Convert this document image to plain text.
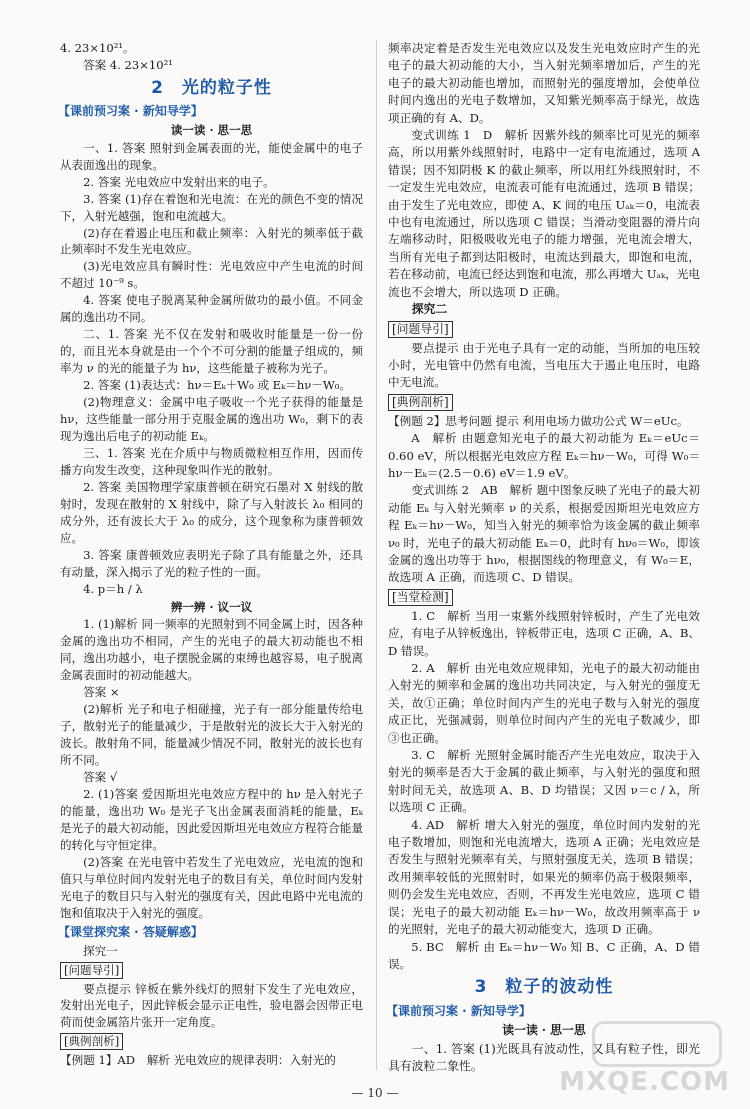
4. 23×10²¹。

答案 4. 23×10²¹

2　光的粒子性

【课前预习案 · 新知导学】

读一读 · 思一思

一、1. 答案 照射到金属表面的光，能使金属中的电子从表面逸出的现象。

2. 答案 光电效应中发射出来的电子。

3. 答案 (1)存在着饱和光电流：在光的颜色不变的情况下，入射光越强，饱和电流越大。

(2)存在着遏止电压和截止频率：入射光的频率低于截止频率时不发生光电效应。

(3)光电效应具有瞬时性：光电效应中产生电流的时间不超过 10⁻⁹ s。

4. 答案 使电子脱离某种金属所做功的最小值。不同金属的逸出功不同。

二、1. 答案 光不仅在发射和吸收时能量是一份一份的，而且光本身就是由一个个不可分割的能量子组成的，频率为 ν 的光的能量子为 hν，这些能量子被称为光子。

2. 答案 (1)表达式：hν＝Eₖ＋W₀ 或 Eₖ＝hν－W₀。

(2)物理意义：金属中电子吸收一个光子获得的能量是 hν，这些能量一部分用于克服金属的逸出功 W₀，剩下的表现为逸出后电子的初动能 Eₖ。

三、1. 答案 光在介质中与物质微粒相互作用，因而传播方向发生改变，这种现象叫作光的散射。

2. 答案 美国物理学家康普顿在研究石墨对 X 射线的散射时，发现在散射的 X 射线中，除了与入射波长 λ₀ 相同的成分外，还有波长大于 λ₀ 的成分，这个现象称为康普顿效应。

3. 答案 康普顿效应表明光子除了具有能量之外，还具有动量，深入揭示了光的粒子性的一面。

4. p＝h / λ

辨一辨 · 议一议

1. (1)解析 同一频率的光照射到不同金属上时，因各种金属的逸出功不相同，产生的光电子的最大初动能也不相同，逸出功越小，电子摆脱金属的束缚也越容易，电子脱离金属表面时的初动能越大。

答案 ×

(2)解析 光子和电子相碰撞，光子有一部分能量传给电子，散射光子的能量减少，于是散射光的波长大于入射光的波长。散射角不同，能量减少情况不同，散射光的波长也有所不同。

答案 √

2. (1)答案 爱因斯坦光电效应方程中的 hν 是入射光子的能量，逸出功 W₀ 是光子飞出金属表面消耗的能量，Eₖ 是光子的最大初动能，因此爱因斯坦光电效应方程符合能量的转化与守恒定律。

(2)答案 在光电管中若发生了光电效应，光电流的饱和值只与单位时间内发射光电子的数目有关，单位时间内发射光电子的数目只与入射光的强度有关，因此电路中光电流的饱和值取决于入射光的强度。

【课堂探究案 · 答疑解惑】

探究一

[问题导引]

要点提示 锌板在紫外线灯的照射下发生了光电效应，发射出光电子，因此锌板会显示正电性，验电器会因带正电荷而使金属箔片张开一定角度。

[典例剖析]

【例题 1】AD　解析 光电效应的规律表明：入射光的

频率决定着是否发生光电效应以及发生光电效应时产生的光电子的最大初动能的大小，当入射光频率增加后，产生的光电子的最大初动能也增加，而照射光的强度增加，会使单位时间内逸出的光电子数增加，又知紫光频率高于绿光，故选项正确的有 A、D。

变式训练 1　D　解析 因紫外线的频率比可见光的频率高，所以用紫外线照射时，电路中一定有电流通过，选项 A 错误；因不知阴极 K 的截止频率，所以用红外线照射时，不一定发生光电效应，电流表可能有电流通过，选项 B 错误；由于发生了光电效应，即使 A、K 间的电压 Uₐₖ＝0，电流表中也有电流通过，所以选项 C 错误；当滑动变阻器的滑片向左端移动时，阳极吸收光电子的能力增强，光电流会增大，当所有光电子都到达阳极时，电流达到最大，即饱和电流，若在移动前，电流已经达到饱和电流，那么再增大 Uₐₖ，光电流也不会增大，所以选项 D 正确。

探究二

[问题导引]

要点提示 由于光电子具有一定的动能，当所加的电压较小时，光电管中仍然有电流，当电压大于遏止电压时，电路中无电流。

[典例剖析]

【例题 2】思考问题 提示 利用电场力做功公式 W＝eUc。

A　解析 由题意知光电子的最大初动能为 Eₖ＝eUc＝0.60 eV，所以根据光电效应方程 Eₖ＝hν－W₀，可得 W₀＝hν－Eₖ＝(2.5－0.6) eV＝1.9 eV。

变式训练 2　AB　解析 题中图象反映了光电子的最大初动能 Eₖ 与入射光频率 ν 的关系，根据爱因斯坦光电效应方程 Eₖ＝hν－W₀，知当入射光的频率恰为该金属的截止频率 ν₀ 时，光电子的最大初动能 Eₖ＝0，此时有 hν₀＝W₀，即该金属的逸出功等于 hν₀，根据图线的物理意义，有 W₀＝E，故选项 A 正确，而选项 C、D 错误。

[当堂检测]

1. C　解析 当用一束紫外线照射锌板时，产生了光电效应，有电子从锌板逸出，锌板带正电，选项 C 正确，A、B、D 错误。

2. A　解析 由光电效应规律知，光电子的最大初动能由入射光的频率和金属的逸出功共同决定，与入射光的强度无关，故①正确；单位时间内产生的光电子数与入射光的强度成正比，光强减弱，则单位时间内产生的光电子数减少，即③也正确。

3. C　解析 光照射金属时能否产生光电效应，取决于入射光的频率是否大于金属的截止频率，与入射光的强度和照射时间无关，故选项 A、B、D 均错误；又因 ν＝c / λ，所以选项 C 正确。

4. AD　解析 增大入射光的强度，单位时间内发射的光电子数增加，则饱和光电流增大，选项 A 正确；光电效应是否发生与照射光频率有关，与照射强度无关，选项 B 错误；改用频率较低的光照射时，如果光的频率仍高于极限频率，则仍会发生光电效应，否则，不再发生光电效应，选项 C 错误；光电子的最大初动能 Eₖ＝hν－W₀，故改用频率高于 ν 的光照射，光电子的最大初动能变大，选项 D 正确。

5. BC　解析 由 Eₖ＝hν－W₀ 知 B、C 正确，A、D 错误。

3　粒子的波动性

【课前预习案 · 新知导学】

读一读 · 思一思

一、1. 答案 (1)光既具有波动性，又具有粒子性，即光具有波粒二象性。

— 10 —	MXQE.COM
